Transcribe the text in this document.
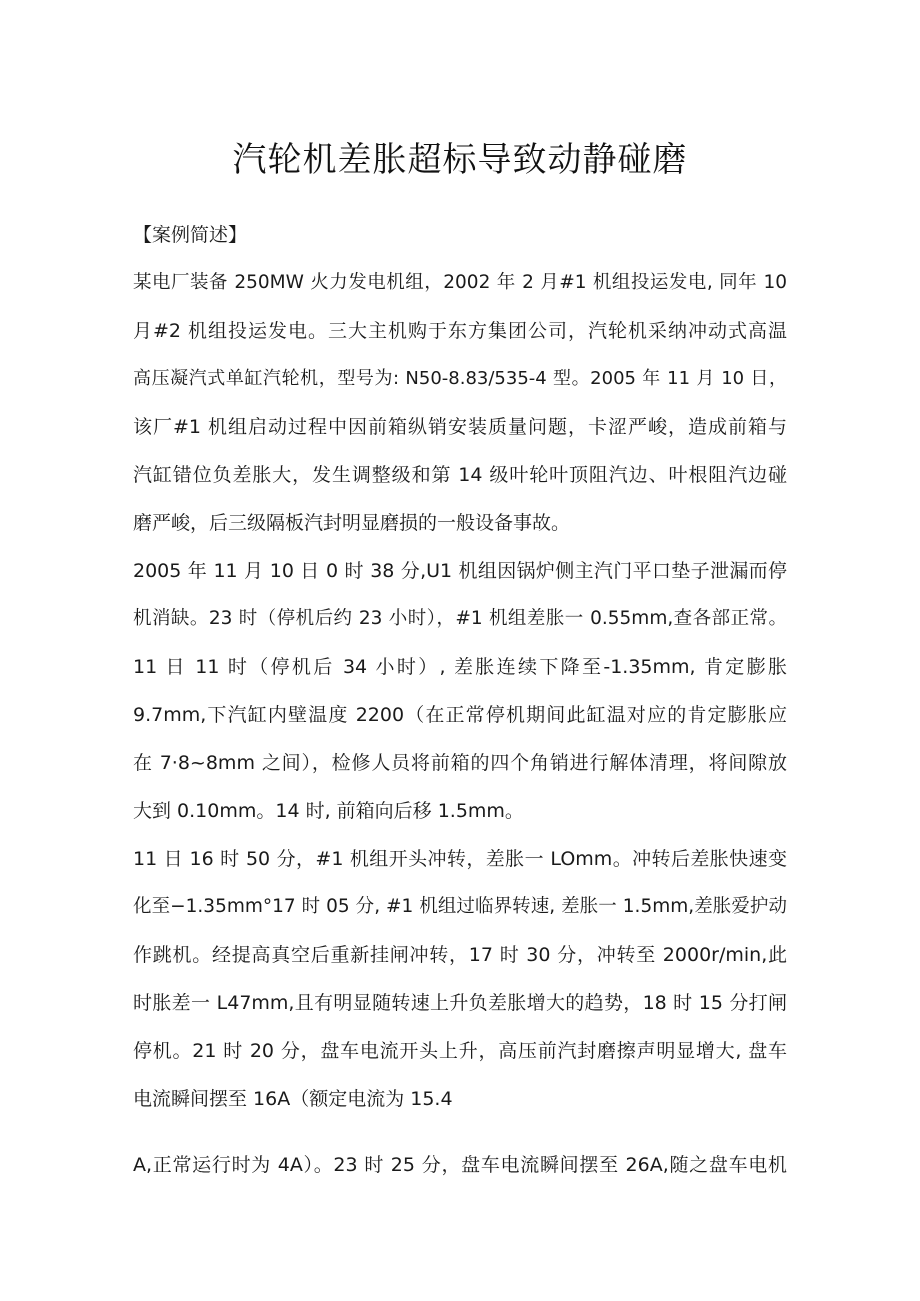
汽轮机差胀超标导致动静碰磨
【案例简述】
某电厂装备 250MW 火力发电机组，2002 年 2 月#1 机组投运发电, 同年 10
月#2 机组投运发电。三大主机购于东方集团公司，汽轮机采纳冲动式高温
高压凝汽式单缸汽轮机，型号为: N50-8.83/535-4 型。2005 年 11 月 10 日，
该厂#1 机组启动过程中因前箱纵销安装质量问题，卡涩严峻，造成前箱与
汽缸错位负差胀大，发生调整级和第 14 级叶轮叶顶阻汽边、叶根阻汽边碰
磨严峻，后三级隔板汽封明显磨损的一般设备事故。
2005 年 11 月 10 日 0 时 38 分,U1 机组因锅炉侧主汽门平口垫子泄漏而停
机消缺。23 时（停机后约 23 小时），#1 机组差胀一 0.55mm,查各部正常。
11 日 11 时（停机后 34 小时）, 差胀连续下降至-1.35mm, 肯定膨胀
9.7mm,下汽缸内壁温度 2200（在正常停机期间此缸温对应的肯定膨胀应
在 7·8~8mm 之间），检修人员将前箱的四个角销进行解体清理，将间隙放
大到 0.10mm。14 时, 前箱向后移 1.5mm。
11 日 16 时 50 分，#1 机组开头冲转，差胀一 LOmm。冲转后差胀快速变
化至−1.35mm°17 时 05 分, #1 机组过临界转速, 差胀一 1.5mm,差胀爱护动
作跳机。经提高真空后重新挂闸冲转，17 时 30 分，冲转至 2000r/min,此
时胀差一 L47mm,且有明显随转速上升负差胀增大的趋势，18 时 15 分打闸
停机。21 时 20 分，盘车电流开头上升，高压前汽封磨擦声明显增大, 盘车
电流瞬间摆至 16A（额定电流为 15.4
A,正常运行时为 4A）。23 时 25 分，盘车电流瞬间摆至 26A,随之盘车电机
